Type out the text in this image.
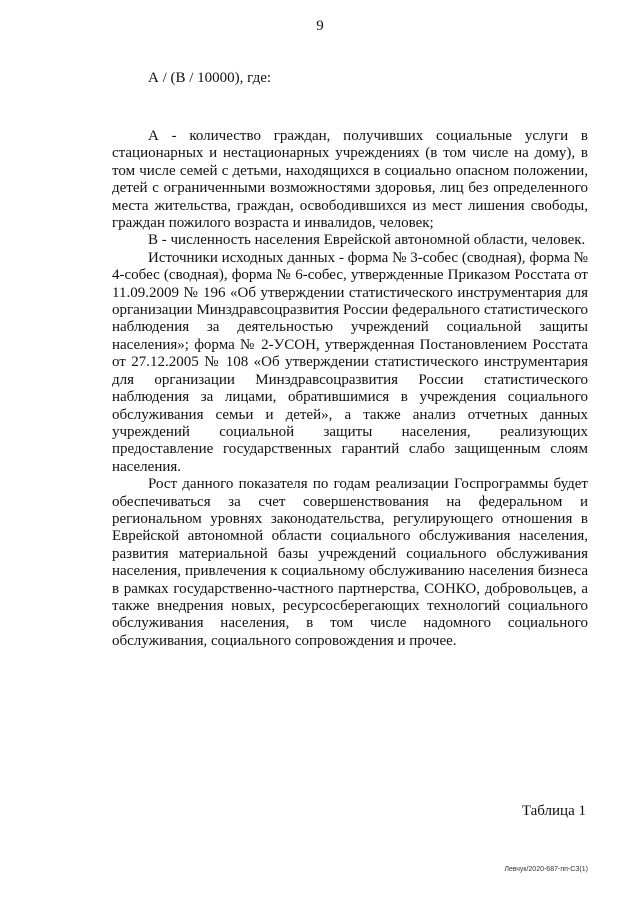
9
А / (В / 10000), где:

А - количество граждан, получивших социальные услуги в стационарных и нестационарных учреждениях (в том числе на дому), в том числе семей с детьми, находящихся в социально опасном положении, детей с ограниченными возможностями здоровья, лиц без определенного места жительства, граждан, освободившихся из мест лишения свободы, граждан пожилого возраста и инвалидов, человек;

В - численность населения Еврейской автономной области, человек.

Источники исходных данных - форма № 3-собес (сводная), форма № 4-собес (сводная), форма № 6-собес, утвержденные Приказом Росстата от 11.09.2009 № 196 «Об утверждении статистического инструментария для организации Минздравсоцразвития России федерального статистического наблюдения за деятельностью учреждений социальной защиты населения»; форма № 2-УСОН, утвержденная Постановлением Росстата от 27.12.2005 № 108 «Об утверждении статистического инструментария для организации Минздравсоцразвития России статистического наблюдения за лицами, обратившимися в учреждения социального обслуживания семьи и детей», а также анализ отчетных данных учреждений социальной защиты населения, реализующих предоставление государственных гарантий слабо защищенным слоям населения.

Рост данного показателя по годам реализации Госпрограммы будет обеспечиваться за счет совершенствования на федеральном и региональном уровнях законодательства, регулирующего отношения в Еврейской автономной области социального обслуживания населения, развития материальной базы учреждений социального обслуживания населения, привлечения к социальному обслуживанию населения бизнеса в рамках государственно-частного партнерства, СОНКО, добровольцев, а также внедрения новых, ресурсосберегающих технологий социального обслуживания населения, в том числе надомного социального обслуживания, социального сопровождения и прочее.

Таблица 1
Левчук/2020-687-пп-СЗ(1)
